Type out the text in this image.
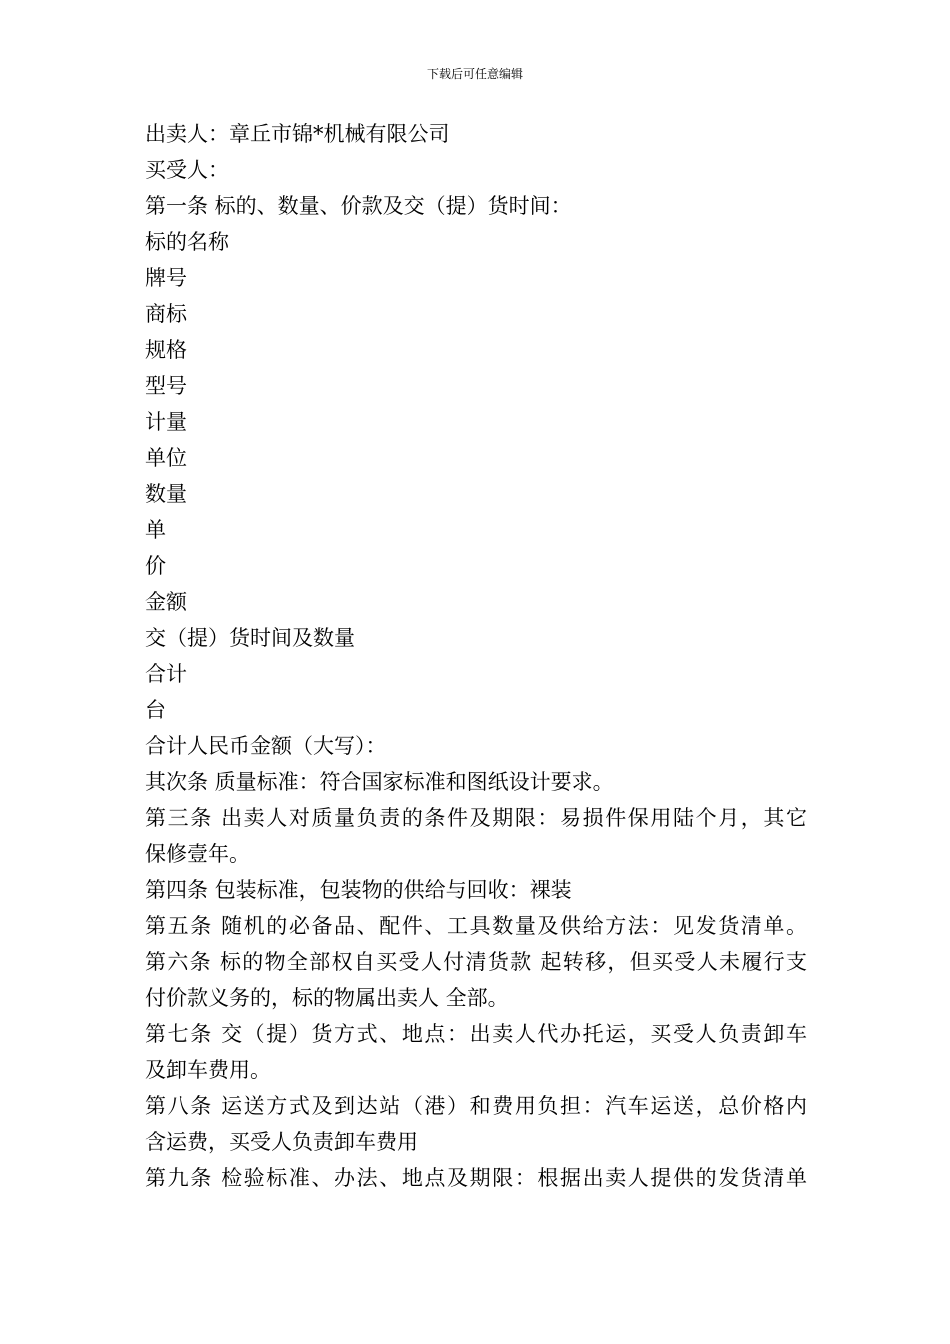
下载后可任意编辑
出卖人：章丘市锦*机械有限公司
买受人：
第一条 标的、数量、价款及交（提）货时间：
标的名称
牌号
商标
规格
型号
计量
单位
数量
单
价
金额
交（提）货时间及数量
合计
台
合计人民币金额（大写）：
其次条 质量标准：符合国家标准和图纸设计要求。
第三条 出卖人对质量负责的条件及期限：易损件保用陆个月，其它
保修壹年。
第四条 包装标准，包装物的供给与回收：裸装
第五条 随机的必备品、配件、工具数量及供给方法：见发货清单。
第六条 标的物全部权自买受人付清货款 起转移，但买受人未履行支
付价款义务的，标的物属出卖人 全部。
第七条 交（提）货方式、地点：出卖人代办托运，买受人负责卸车
及卸车费用。
第八条 运送方式及到达站（港）和费用负担：汽车运送，总价格内
含运费，买受人负责卸车费用
第九条 检验标准、办法、地点及期限：根据出卖人提供的发货清单
